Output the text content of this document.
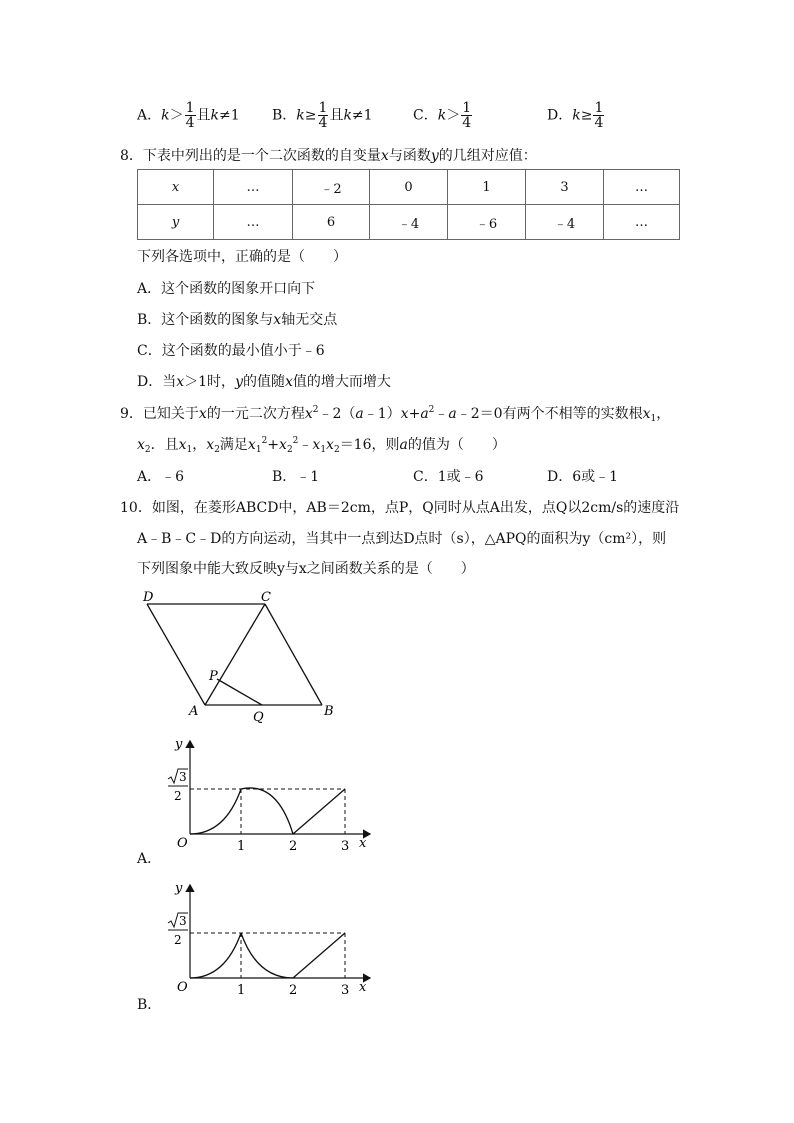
A．$k> \frac{1}{4}$ 且k≠1 B．$k\ge \frac{1}{4}$ 且k≠1	C．$k> \frac{1}{4}$	D．$k\ge \frac{1}{4}$
8．下表中列出的是一个二次函数的自变量x与函数y的几组对应值：
x	…	﹣2	0	1	3	…
y	…	6	﹣4	﹣6	﹣4	…
下列各选项中，正确的是（　　）
A．这个函数的图象开口向下
B．这个函数的图象与x轴无交点
C．这个函数的最小值小于﹣6
D．当x＞1时，y的值随x值的增大而增大
9．已知关于x的一元二次方程$x^2﹣2(a﹣1)x+a^2﹣a﹣2=0$有两个不相等的实数根$x_1$，
$x_2$．且$x_1$，$x_2$满足$x_1^2+x_2^2﹣x_1x_2=16$，则a的值为（　　）
A．﹣6	B．﹣1	C．1或﹣6	D．6或﹣1
10．如图，在菱形ABCD中，AB＝2cm，点P，Q同时从点A出发，点Q以2cm/s的速度沿
A﹣B﹣C﹣D的方向运动，当其中一点到达D点时（s），△APQ的面积为y（cm²），则
下列图象中能大致反映y与x之间函数关系的是（　　）
D	C
A	B
P
Q
y
x
O	1	2	3
3
2
A．
y
x
O	1	2	3
3
2
B．
